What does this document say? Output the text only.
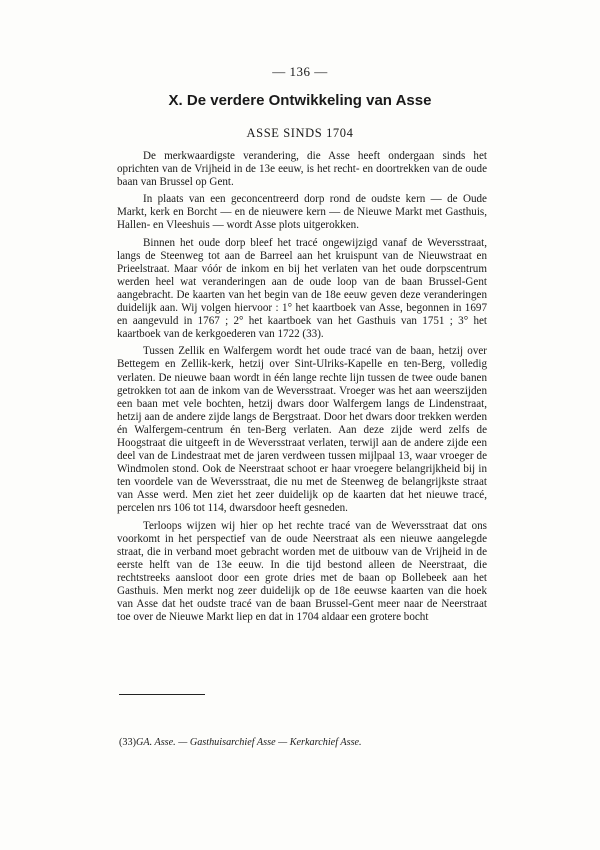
— 136 —
X. De verdere Ontwikkeling van Asse
ASSE SINDS 1704

De merkwaardigste verandering, die Asse heeft ondergaan sinds het oprichten van de Vrijheid in de 13e eeuw, is het recht- en doortrekken van de oude baan van Brussel op Gent.

In plaats van een geconcentreerd dorp rond de oudste kern — de Oude Markt, kerk en Borcht — en de nieuwere kern — de Nieuwe Markt met Gasthuis, Hallen- en Vleeshuis — wordt Asse plots uitgerokken.

Binnen het oude dorp bleef het tracé ongewijzigd vanaf de Weversstraat, langs de Steenweg tot aan de Barreel aan het kruispunt van de Nieuwstraat en Prieelstraat. Maar vóór de inkom en bij het verlaten van het oude dorpscentrum werden heel wat veranderingen aan de oude loop van de baan Brussel-Gent aangebracht. De kaarten van het begin van de 18e eeuw geven deze veranderingen duidelijk aan. Wij volgen hiervoor : 1° het kaartboek van Asse, begonnen in 1697 en aangevuld in 1767 ; 2° het kaartboek van het Gasthuis van 1751 ; 3° het kaartboek van de kerkgoederen van 1722 (33).

Tussen Zellik en Walfergem wordt het oude tracé van de baan, hetzij over Bettegem en Zellik-kerk, hetzij over Sint-Ulriks-Kapelle en ten-Berg, volledig verlaten. De nieuwe baan wordt in één lange rechte lijn tussen de twee oude banen getrokken tot aan de inkom van de Weversstraat. Vroeger was het aan weerszijden een baan met vele bochten, hetzij dwars door Walfergem langs de Lindenstraat, hetzij aan de andere zijde langs de Bergstraat. Door het dwars door trekken werden én Walfergem-centrum én ten-Berg verlaten. Aan deze zijde werd zelfs de Hoogstraat die uitgeeft in de Weversstraat verlaten, terwijl aan de andere zijde een deel van de Lindestraat met de jaren verdween tussen mijlpaal 13, waar vroeger de Windmolen stond. Ook de Neerstraat schoot er haar vroegere belangrijkheid bij in ten voordele van de Weversstraat, die nu met de Steenweg de belangrijkste straat van Asse werd. Men ziet het zeer duidelijk op de kaarten dat het nieuwe tracé, percelen nrs 106 tot 114, dwarsdoor heeft gesneden.

Terloops wijzen wij hier op het rechte tracé van de Weversstraat dat ons voorkomt in het perspectief van de oude Neerstraat als een nieuwe aangelegde straat, die in verband moet gebracht worden met de uitbouw van de Vrijheid in de eerste helft van de 13e eeuw. In die tijd bestond alleen de Neerstraat, die rechtstreeks aansloot door een grote dries met de baan op Bollebeek aan het Gasthuis. Men merkt nog zeer duidelijk op de 18e eeuwse kaarten van die hoek van Asse dat het oudste tracé van de baan Brussel-Gent meer naar de Neerstraat toe over de Nieuwe Markt liep en dat in 1704 aldaar een grotere bocht

(33)GA. Asse. — Gasthuisarchief Asse — Kerkarchief Asse.
